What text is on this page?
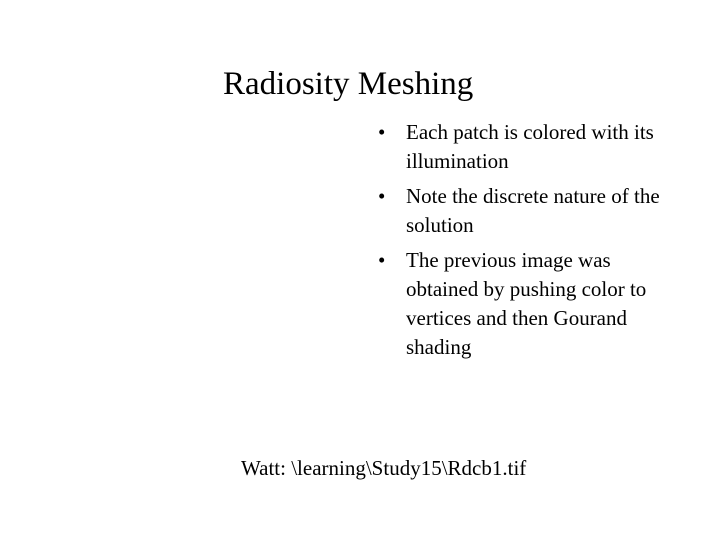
Radiosity Meshing
• Each patch is colored with its illumination
• Note the discrete nature of the solution
• The previous image was obtained by pushing color to vertices and then Gourand shading
Watt: \learning\Study15\Rdcb1.tif
